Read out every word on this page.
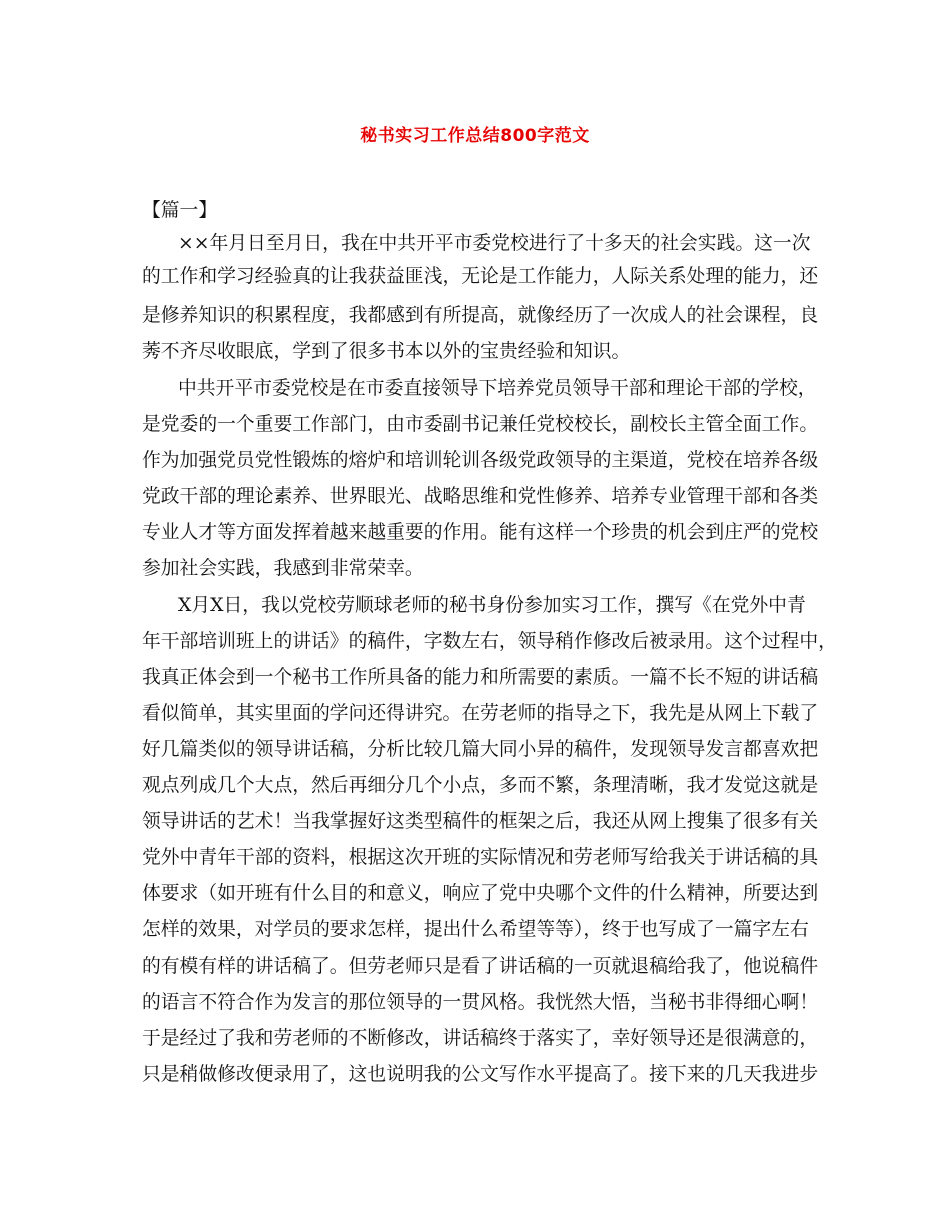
秘书实习工作总结800字范文
【篇一】
××年月日至月日，我在中共开平市委党校进行了十多天的社会实践。这一次
的工作和学习经验真的让我获益匪浅，无论是工作能力，人际关系处理的能力，还
是修养知识的积累程度，我都感到有所提高，就像经历了一次成人的社会课程，良
莠不齐尽收眼底，学到了很多书本以外的宝贵经验和知识。
中共开平市委党校是在市委直接领导下培养党员领导干部和理论干部的学校，
是党委的一个重要工作部门，由市委副书记兼任党校校长，副校长主管全面工作。
作为加强党员党性锻炼的熔炉和培训轮训各级党政领导的主渠道，党校在培养各级
党政干部的理论素养、世界眼光、战略思维和党性修养、培养专业管理干部和各类
专业人才等方面发挥着越来越重要的作用。能有这样一个珍贵的机会到庄严的党校
参加社会实践，我感到非常荣幸。
X月X日，我以党校劳顺球老师的秘书身份参加实习工作，撰写《在党外中青
年干部培训班上的讲话》的稿件，字数左右，领导稍作修改后被录用。这个过程中，
我真正体会到一个秘书工作所具备的能力和所需要的素质。一篇不长不短的讲话稿
看似简单，其实里面的学问还得讲究。在劳老师的指导之下，我先是从网上下载了
好几篇类似的领导讲话稿，分析比较几篇大同小异的稿件，发现领导发言都喜欢把
观点列成几个大点，然后再细分几个小点，多而不繁，条理清晰，我才发觉这就是
领导讲话的艺术！当我掌握好这类型稿件的框架之后，我还从网上搜集了很多有关
党外中青年干部的资料，根据这次开班的实际情况和劳老师写给我关于讲话稿的具
体要求（如开班有什么目的和意义，响应了党中央哪个文件的什么精神，所要达到
怎样的效果，对学员的要求怎样，提出什么希望等等），终于也写成了一篇字左右
的有模有样的讲话稿了。但劳老师只是看了讲话稿的一页就退稿给我了，他说稿件
的语言不符合作为发言的那位领导的一贯风格。我恍然大悟，当秘书非得细心啊！
于是经过了我和劳老师的不断修改，讲话稿终于落实了，幸好领导还是很满意的，
只是稍做修改便录用了，这也说明我的公文写作水平提高了。接下来的几天我进步
